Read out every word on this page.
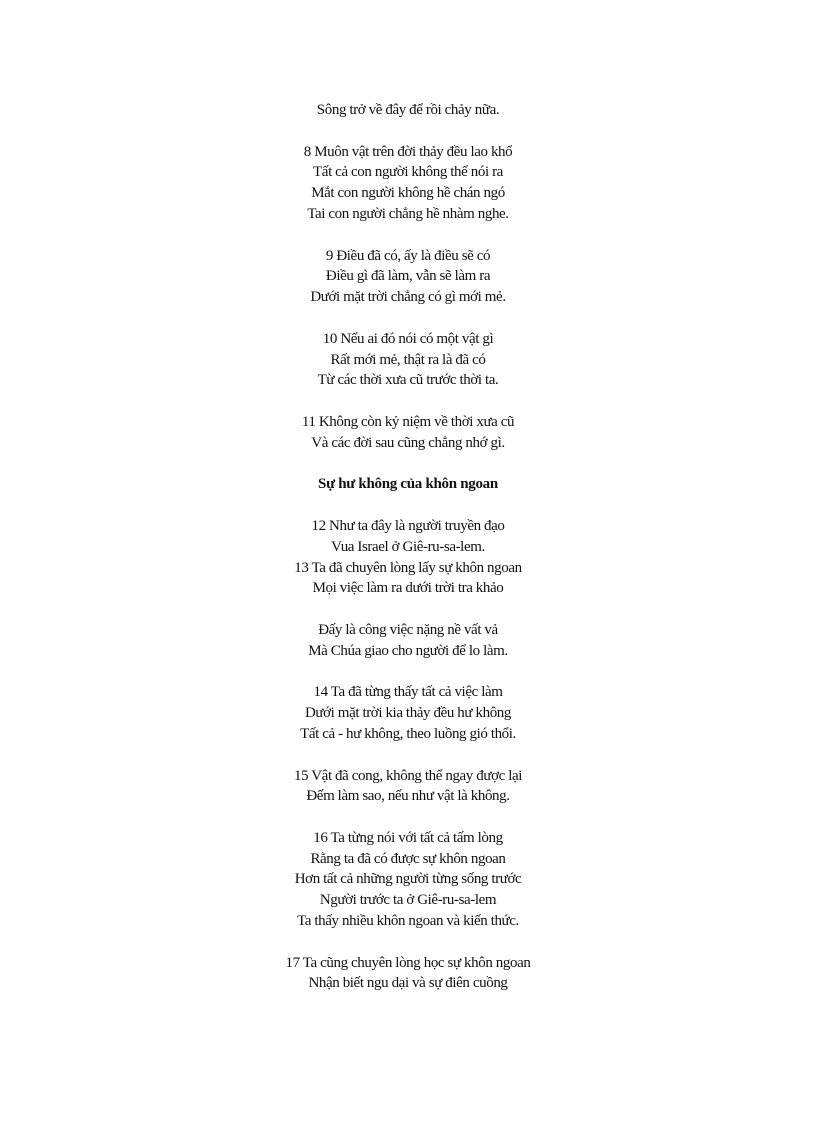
Sông trở về đây để rồi chảy nữa.
8 Muôn vật trên đời thảy đều lao khổ
Tất cả con người không thể nói ra
Mắt con người không hề chán ngó
Tai con người chẳng hề nhàm nghe.
9 Điều đã có, ấy là điều sẽ có
Điều gì đã làm, vẫn sẽ làm ra
Dưới mặt trời chẳng có gì mới mẻ.
10 Nếu ai đó nói có một vật gì
Rất mới mẻ, thật ra là đã có
Từ các thời xưa cũ trước thời ta.
11 Không còn kỷ niệm về thời xưa cũ
Và các đời sau cũng chẳng nhớ gì.
Sự hư không của khôn ngoan
12 Như ta đây là người truyền đạo
Vua Israel ở Giê-ru-sa-lem.
13 Ta đã chuyên lòng lấy sự khôn ngoan
Mọi việc làm ra dưới trời tra khảo
Đấy là công việc nặng nề vất vả
Mà Chúa giao cho người để lo làm.
14 Ta đã từng thấy tất cả việc làm
Dưới mặt trời kia thảy đều hư không
Tất cả - hư không, theo luồng gió thổi.
15 Vật đã cong, không thể ngay được lại
Đếm làm sao, nếu như vật là không.
16 Ta từng nói với tất cả tấm lòng
Rằng ta đã có được sự khôn ngoan
Hơn tất cả những người từng sống trước
Người trước ta ở Giê-ru-sa-lem
Ta thấy nhiều khôn ngoan và kiến thức.
17 Ta cũng chuyên lòng học sự khôn ngoan
Nhận biết ngu dại và sự điên cuồng
